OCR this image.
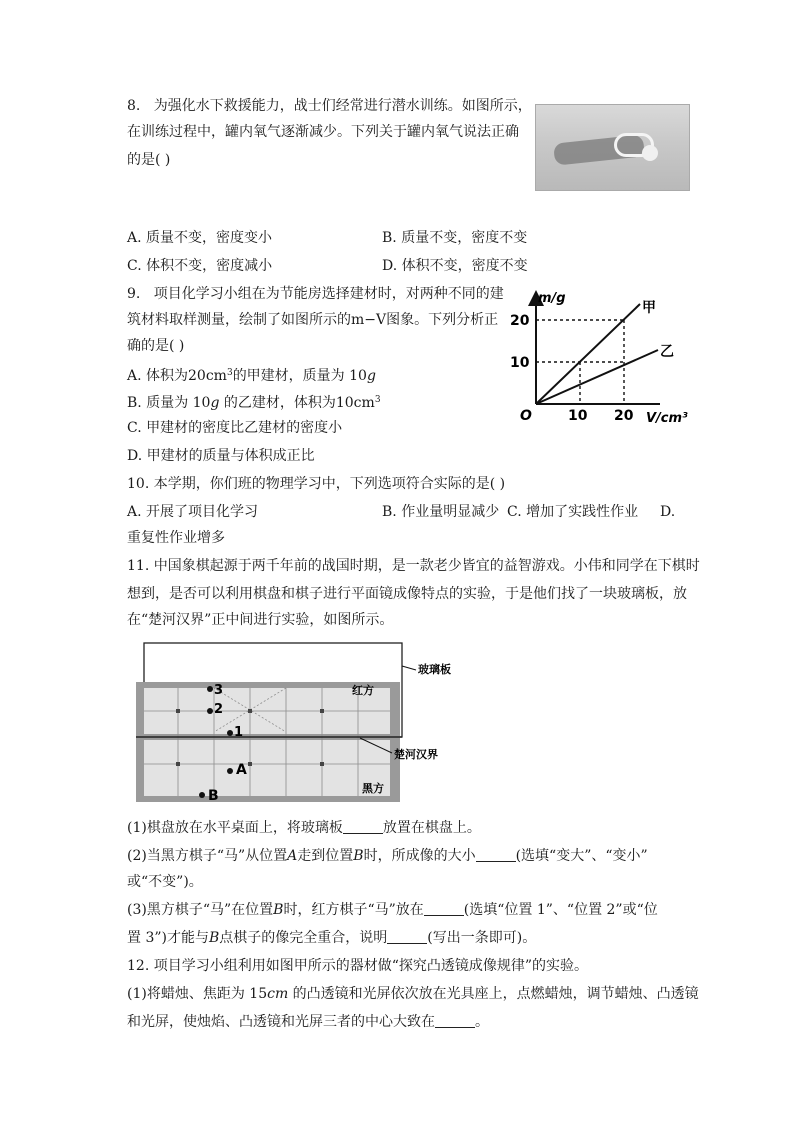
8. 为强化水下救援能力，战士们经常进行潜水训练。如图所示，
在训练过程中，罐内氧气逐渐减少。下列关于罐内氧气说法正确
的是( )
A. 质量不变，密度变小	B. 质量不变，密度不变
C. 体积不变，密度减小	D. 体积不变，密度不变
9. 项目化学习小组在为节能房选择建材时，对两种不同的建
筑材料取样测量，绘制了如图所示的m−V图象。下列分析正
确的是( )
A. 体积为$20cm^3$的甲建材，质量为 10g
B. 质量为 10g 的乙建材，体积为$10cm^3$
C. 甲建材的密度比乙建材的密度小
D. 甲建材的质量与体积成正比
m/g
V/cm³
O
20
10
10 20
甲
乙
10. 本学期，你们班的物理学习中，下列选项符合实际的是( )
A. 开展了项目化学习	B. 作业量明显减少 C. 增加了实践性作业 D.
重复性作业增多
11. 中国象棋起源于两千年前的战国时期，是一款老少皆宜的益智游戏。小伟和同学在下棋时
想到，是否可以利用棋盘和棋子进行平面镜成像特点的实验，于是他们找了一块玻璃板，放
在“楚河汉界”正中间进行实验，如图所示。
3
2
1
A
B
红方
黑方
玻璃板
楚河汉界
(1)棋盘放在水平桌面上，将玻璃板	放置在棋盘上。
(2)当黑方棋子“马”从位置A走到位置B时，所成像的大小	(选填“变大”、“变小”
或“不变”)。
(3)黑方棋子“马”在位置B时，红方棋子“马”放在	(选填“位置 1”、“位置 2”或“位
置 3”)才能与B点棋子的像完全重合，说明	(写出一条即可)。
12. 项目学习小组利用如图甲所示的器材做“探究凸透镜成像规律”的实验。
(1)将蜡烛、焦距为 15cm 的凸透镜和光屏依次放在光具座上，点燃蜡烛，调节蜡烛、凸透镜
和光屏，使烛焰、凸透镜和光屏三者的中心大致在	。
